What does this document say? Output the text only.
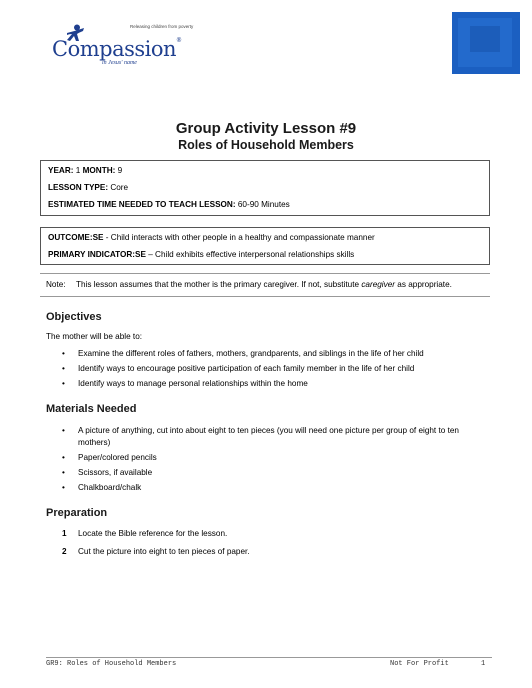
Releasing children from poverty
Compassion®
in Jesus' name
Group Activity Lesson #9
Roles of Household Members
YEAR: 1 MONTH: 9
LESSON TYPE: Core
ESTIMATED TIME NEEDED TO TEACH LESSON: 60-90 Minutes
OUTCOME:SE - Child interacts with other people in a healthy and compassionate manner
PRIMARY INDICATOR:SE – Child exhibits effective interpersonal relationships skills
Note: This lesson assumes that the mother is the primary caregiver. If not, substitute caregiver as appropriate.
Objectives
The mother will be able to:
• Examine the different roles of fathers, mothers, grandparents, and siblings in the life of her child
• Identify ways to encourage positive participation of each family member in the life of her child
• Identify ways to manage personal relationships within the home
Materials Needed
• A picture of anything, cut into about eight to ten pieces (you will need one picture per group of eight to ten mothers)
• Paper/colored pencils
• Scissors, if available
• Chalkboard/chalk
Preparation
1 Locate the Bible reference for the lesson.
2 Cut the picture into eight to ten pieces of paper.
GR9: Roles of Household Members	Not For Profit	1
